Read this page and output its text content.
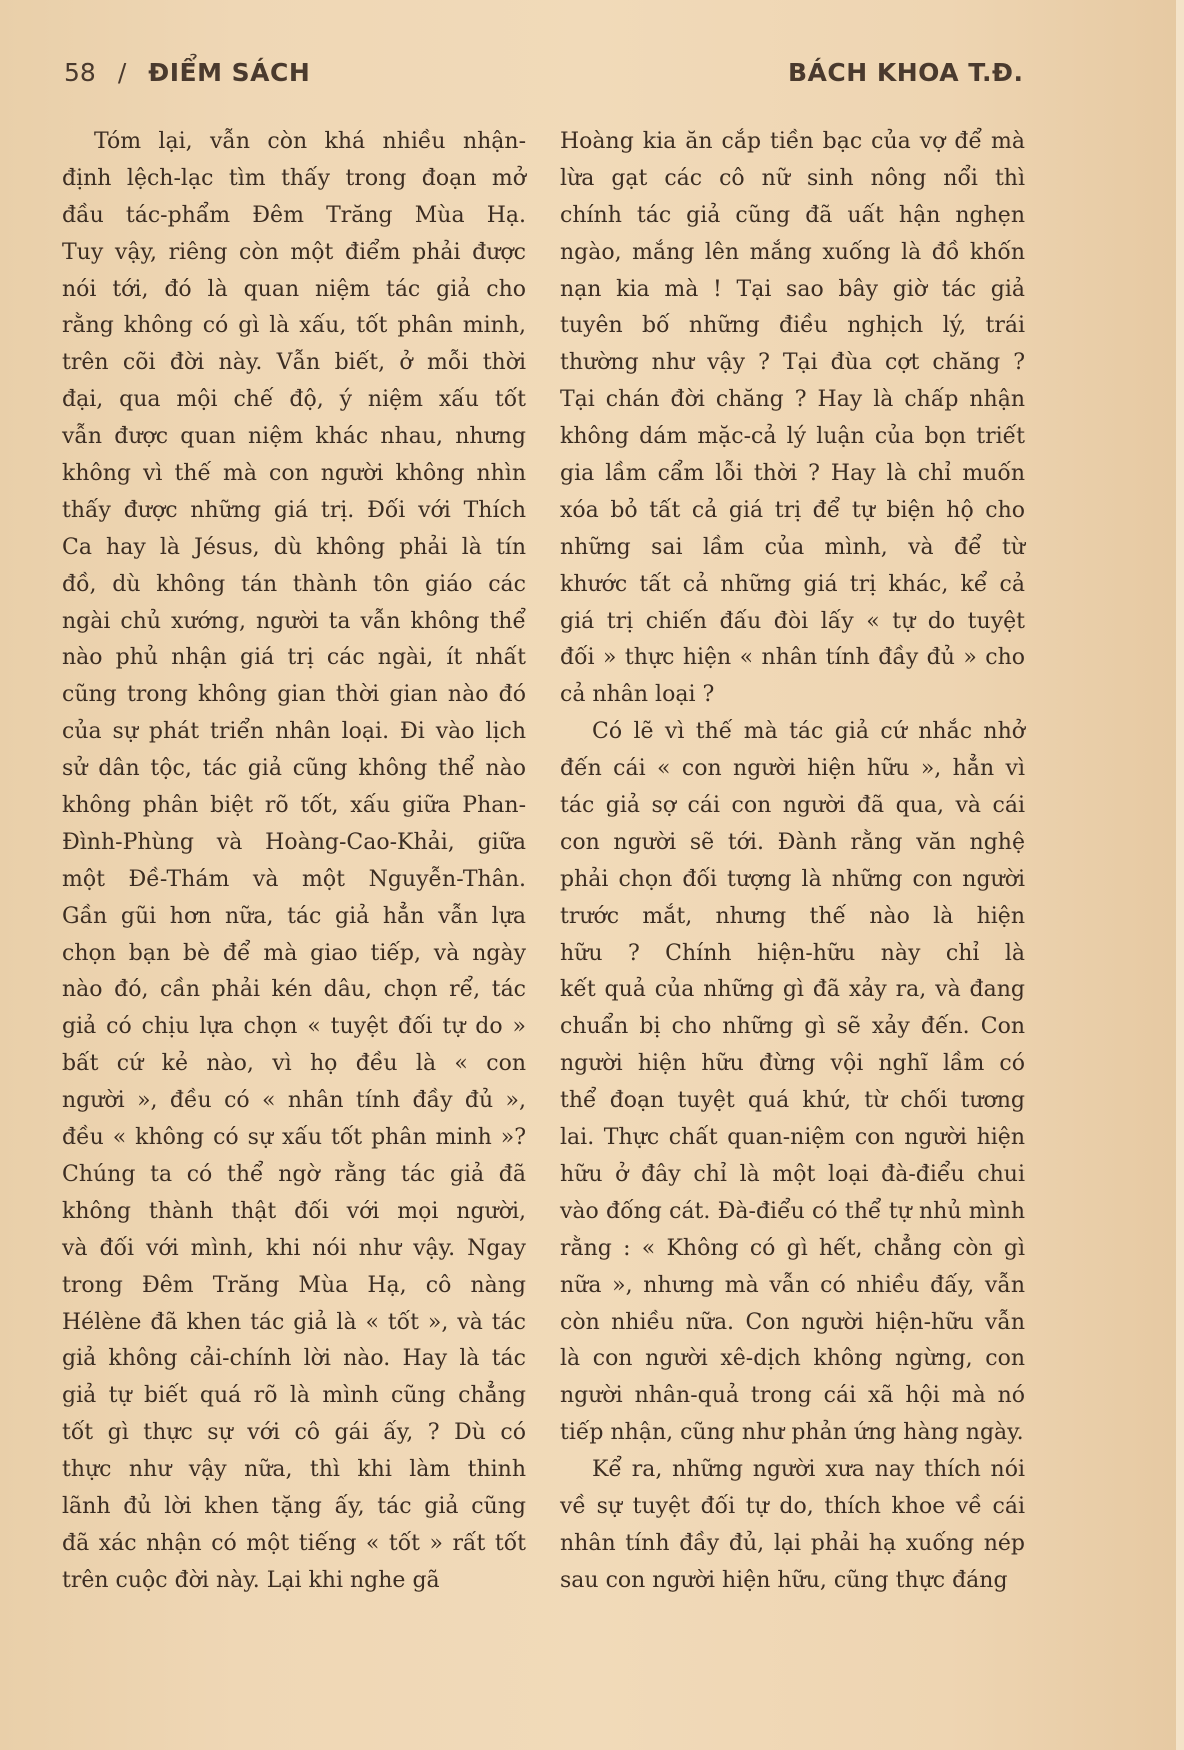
58 / ĐIỂM SÁCH	BÁCH KHOA T.Đ.
Tóm lại, vẫn còn khá nhiều nhận-
định lệch-lạc tìm thấy trong đoạn mở
đầu tác-phẩm Đêm Trăng Mùa Hạ.
Tuy vậy, riêng còn một điểm phải được
nói tới, đó là quan niệm tác giả cho
rằng không có gì là xấu, tốt phân minh,
trên cõi đời này. Vẫn biết, ở mỗi thời
đại, qua mội chế độ, ý niệm xấu tốt
vẫn được quan niệm khác nhau, nhưng
không vì thế mà con người không nhìn
thấy được những giá trị. Đối với Thích
Ca hay là Jésus, dù không phải là tín
đồ, dù không tán thành tôn giáo các
ngài chủ xướng, người ta vẫn không thể
nào phủ nhận giá trị các ngài, ít nhất
cũng trong không gian thời gian nào đó
của sự phát triển nhân loại. Đi vào lịch
sử dân tộc, tác giả cũng không thể nào
không phân biệt rõ tốt, xấu giữa Phan-
Đình-Phùng và Hoàng-Cao-Khải, giữa
một Đề-Thám và một Nguyễn-Thân.
Gần gũi hơn nữa, tác giả hẳn vẫn lựa
chọn bạn bè để mà giao tiếp, và ngày
nào đó, cần phải kén dâu, chọn rể, tác
giả có chịu lựa chọn « tuyệt đối tự do »
bất cứ kẻ nào, vì họ đều là « con
người », đều có « nhân tính đầy đủ »,
đều « không có sự xấu tốt phân minh »?
Chúng ta có thể ngờ rằng tác giả đã
không thành thật đối với mọi người,
và đối với mình, khi nói như vậy. Ngay
trong Đêm Trăng Mùa Hạ, cô nàng
Hélène đã khen tác giả là « tốt », và tác
giả không cải-chính lời nào. Hay là tác
giả tự biết quá rõ là mình cũng chẳng
tốt gì thực sự với cô gái ấy, ? Dù có
thực như vậy nữa, thì khi làm thinh
lãnh đủ lời khen tặng ấy, tác giả cũng
đã xác nhận có một tiếng « tốt » rất tốt
trên cuộc đời này. Lại khi nghe gã
Hoàng kia ăn cắp tiền bạc của vợ để mà
lừa gạt các cô nữ sinh nông nổi thì
chính tác giả cũng đã uất hận nghẹn
ngào, mắng lên mắng xuống là đồ khốn
nạn kia mà ! Tại sao bây giờ tác giả
tuyên bố những điều nghịch lý, trái
thường như vậy ? Tại đùa cợt chăng ?
Tại chán đời chăng ? Hay là chấp nhận
không dám mặc-cả lý luận của bọn triết
gia lầm cẩm lỗi thời ? Hay là chỉ muốn
xóa bỏ tất cả giá trị để tự biện hộ cho
những sai lầm của mình, và để từ
khước tất cả những giá trị khác, kể cả
giá trị chiến đấu đòi lấy « tự do tuyệt
đối » thực hiện « nhân tính đầy đủ » cho
cả nhân loại ?
Có lẽ vì thế mà tác giả cứ nhắc nhở
đến cái « con người hiện hữu », hẳn vì
tác giả sợ cái con người đã qua, và cái
con người sẽ tới. Đành rằng văn nghệ
phải chọn đối tượng là những con người
trước mắt, nhưng thế nào là hiện
hữu ? Chính hiện-hữu này chỉ là
kết quả của những gì đã xảy ra, và đang
chuẩn bị cho những gì sẽ xảy đến. Con
người hiện hữu đừng vội nghĩ lầm có
thể đoạn tuyệt quá khứ, từ chối tương
lai. Thực chất quan-niệm con người hiện
hữu ở đây chỉ là một loại đà-điểu chui
vào đống cát. Đà-điểu có thể tự nhủ mình
rằng : « Không có gì hết, chẳng còn gì
nữa », nhưng mà vẫn có nhiều đấy, vẫn
còn nhiều nữa. Con người hiện-hữu vẫn
là con người xê-dịch không ngừng, con
người nhân-quả trong cái xã hội mà nó
tiếp nhận, cũng như phản ứng hàng ngày.
Kể ra, những người xưa nay thích nói
về sự tuyệt đối tự do, thích khoe về cái
nhân tính đầy đủ, lại phải hạ xuống nép
sau con người hiện hữu, cũng thực đáng
